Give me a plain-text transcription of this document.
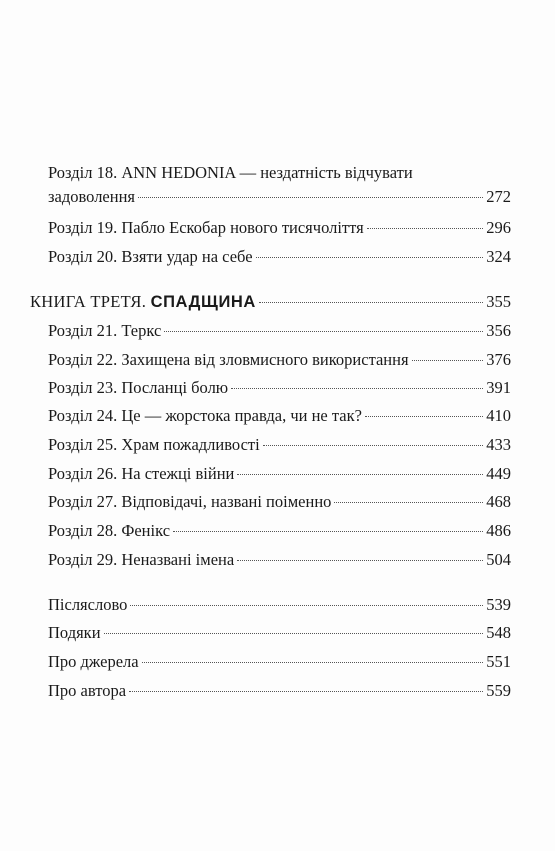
Розділ 18. ANN HEDONIA — нездатність відчувати
задоволення	272
Розділ 19. Пабло Ескобар нового тисячоліття	296
Розділ 20. Взяти удар на себе	324
КНИГА ТРЕТЯ. СПАДЩИНА	355
Розділ 21. Теркс	356
Розділ 22. Захищена від зловмисного використання	376
Розділ 23. Посланці болю	391
Розділ 24. Це — жорстока правда, чи не так?	410
Розділ 25. Храм пожадливості	433
Розділ 26. На стежці війни	449
Розділ 27. Відповідачі, названі поіменно	468
Розділ 28. Фенікс	486
Розділ 29. Неназвані імена	504
Післяслово	539
Подяки	548
Про джерела	551
Про автора	559
